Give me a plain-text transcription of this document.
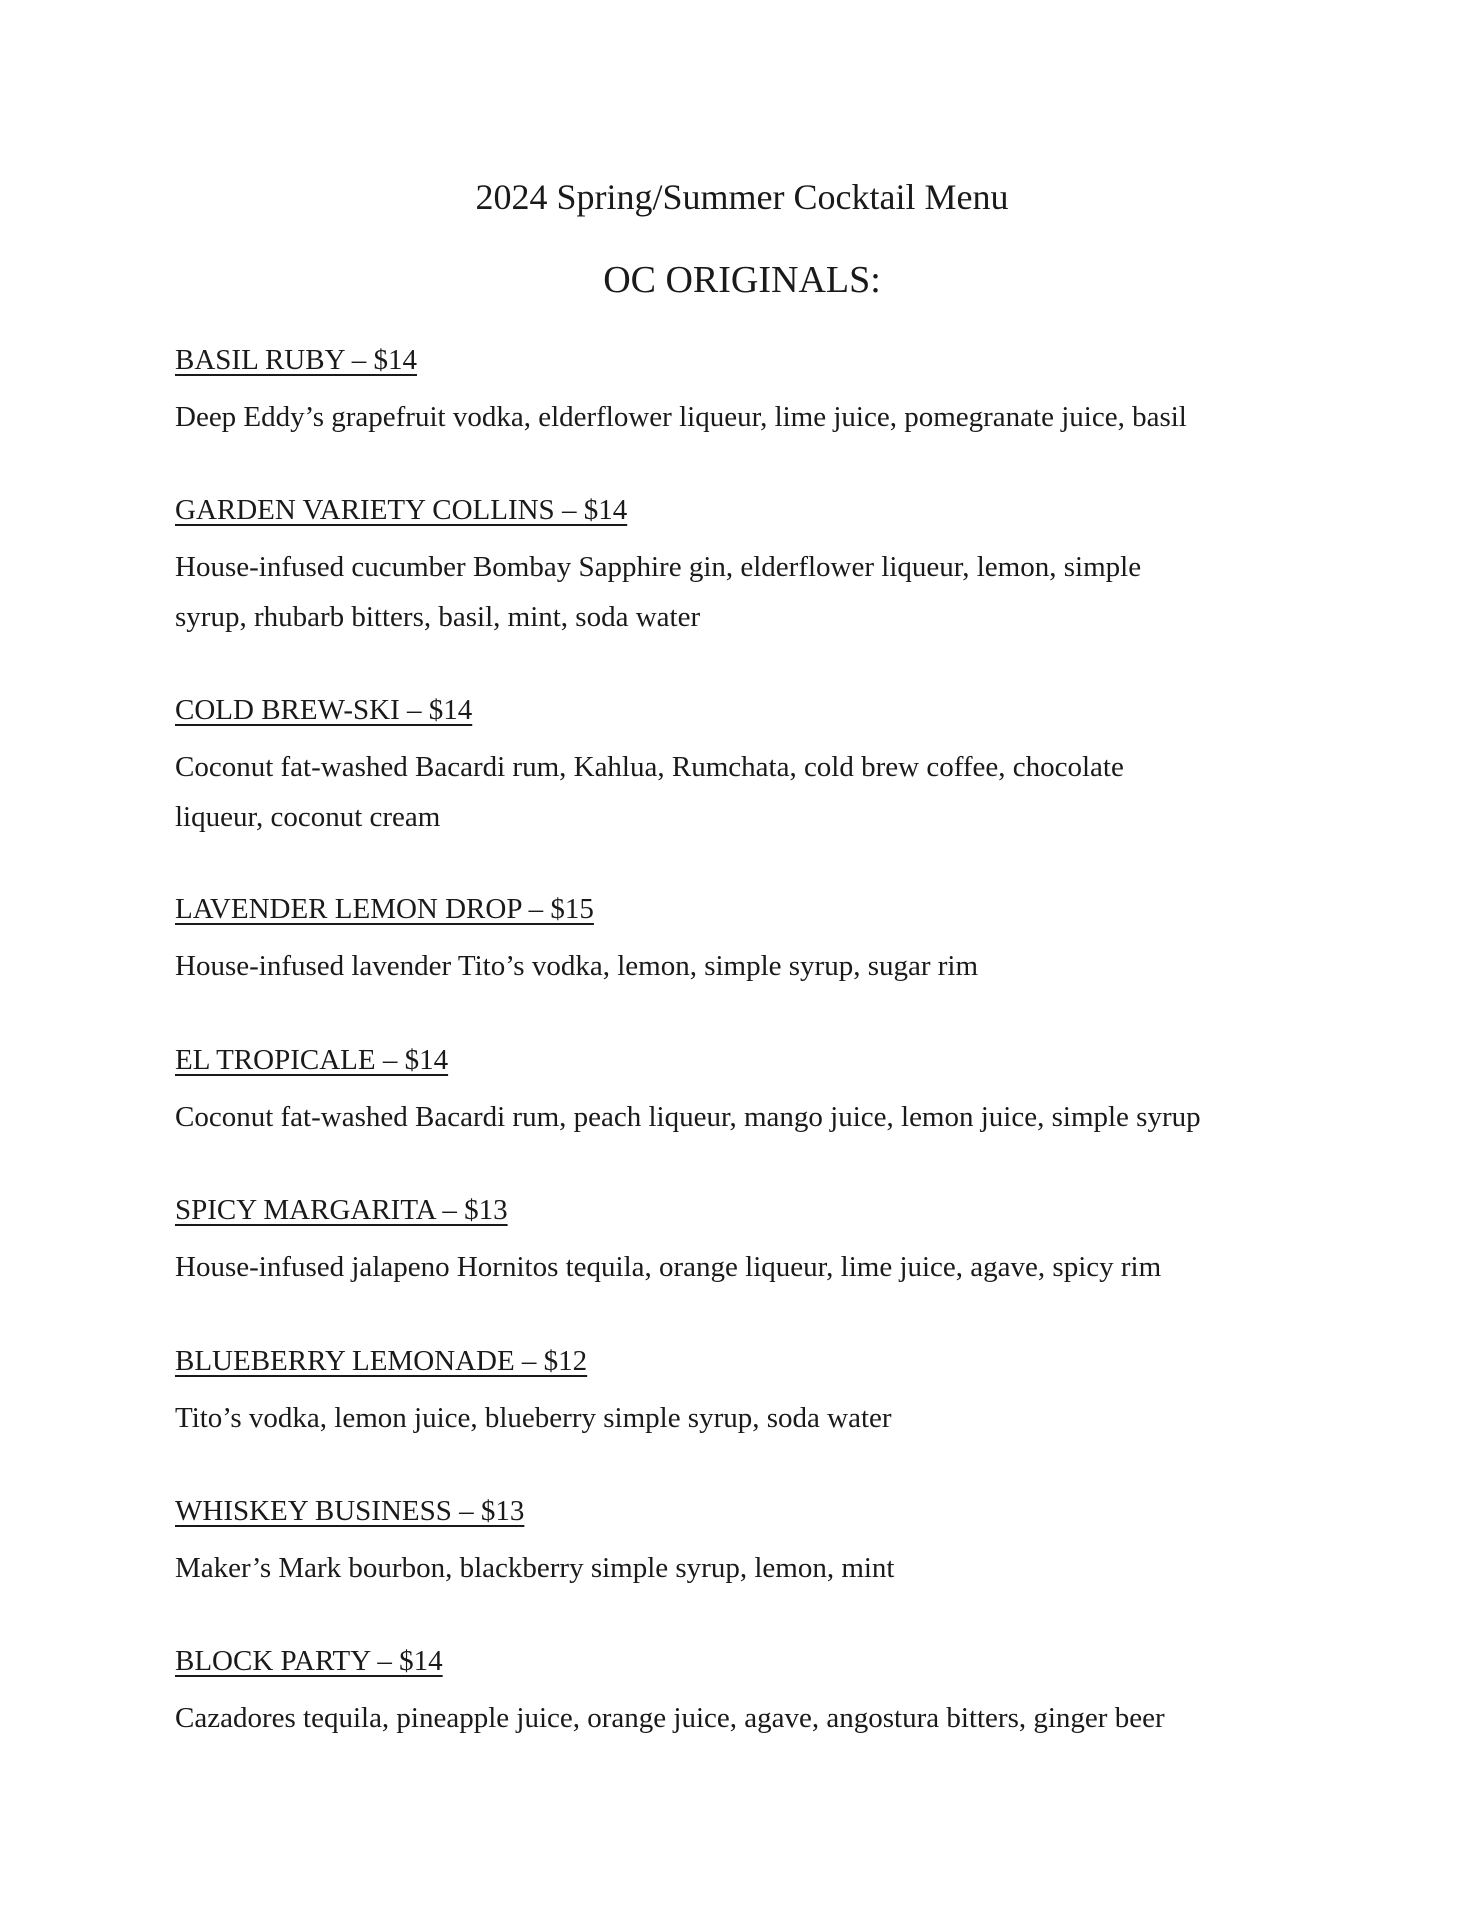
2024 Spring/Summer Cocktail Menu
OC ORIGINALS:
BASIL RUBY – $14
Deep Eddy’s grapefruit vodka, elderflower liqueur, lime juice, pomegranate juice, basil
GARDEN VARIETY COLLINS – $14
House-infused cucumber Bombay Sapphire gin, elderflower liqueur, lemon, simple
syrup, rhubarb bitters, basil, mint, soda water
COLD BREW-SKI – $14
Coconut fat-washed Bacardi rum, Kahlua, Rumchata, cold brew coffee, chocolate
liqueur, coconut cream
LAVENDER LEMON DROP – $15
House-infused lavender Tito’s vodka, lemon, simple syrup, sugar rim
EL TROPICALE – $14
Coconut fat-washed Bacardi rum, peach liqueur, mango juice, lemon juice, simple syrup
SPICY MARGARITA – $13
House-infused jalapeno Hornitos tequila, orange liqueur, lime juice, agave, spicy rim
BLUEBERRY LEMONADE – $12
Tito’s vodka, lemon juice, blueberry simple syrup, soda water
WHISKEY BUSINESS – $13
Maker’s Mark bourbon, blackberry simple syrup, lemon, mint
BLOCK PARTY – $14
Cazadores tequila, pineapple juice, orange juice, agave, angostura bitters, ginger beer
